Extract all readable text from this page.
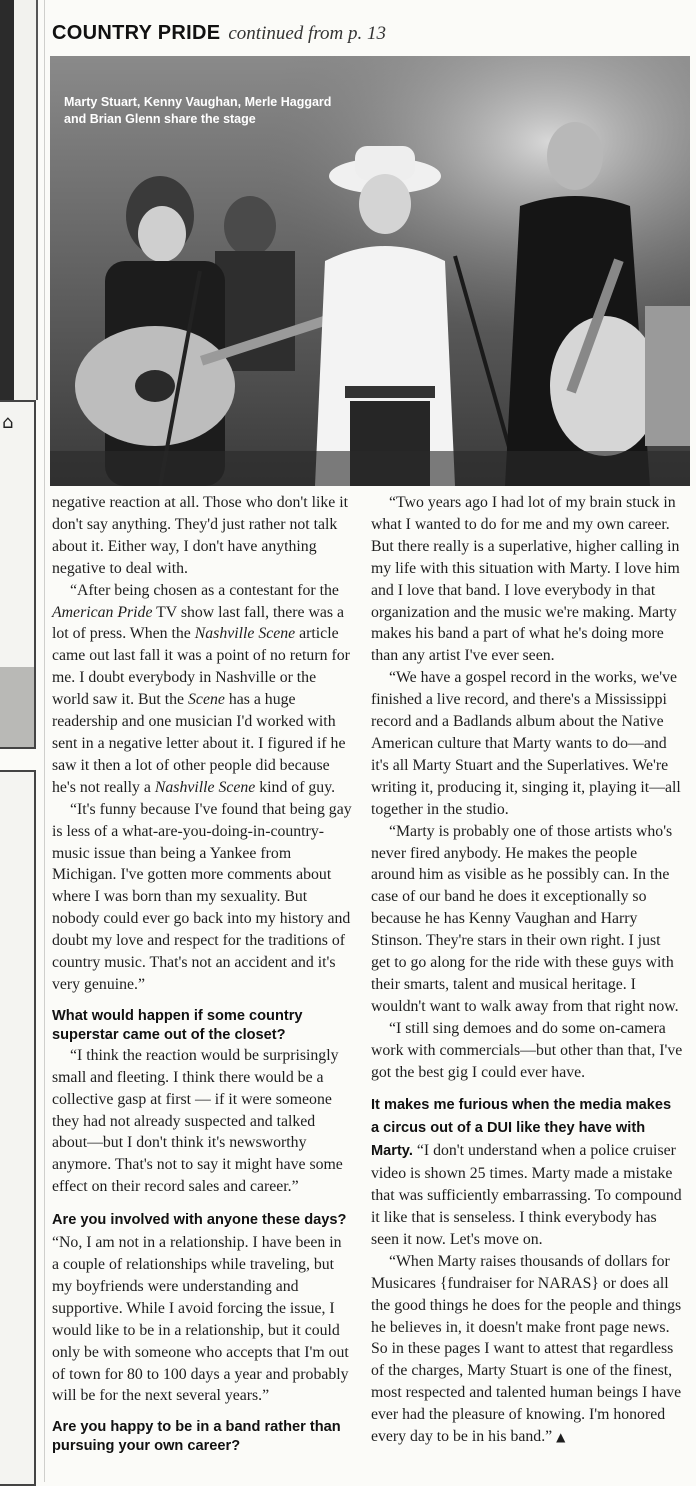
⌂
COUNTRY PRIDE continued from p. 13
Marty Stuart, Kenny Vaughan, Merle Haggard
and Brian Glenn share the stage

negative reaction at all. Those who don't like it don't say anything. They'd just rather not talk about it. Either way, I don't have anything negative to deal with.

“After being chosen as a contestant for the American Pride TV show last fall, there was a lot of press. When the Nashville Scene article came out last fall it was a point of no return for me. I doubt everybody in Nashville or the world saw it. But the Scene has a huge readership and one musician I'd worked with sent in a negative letter about it. I figured if he saw it then a lot of other people did because he's not really a Nashville Scene kind of guy.

“It's funny because I've found that being gay is less of a what-are-you-doing-in-country-music issue than being a Yankee from Michigan. I've gotten more comments about where I was born than my sexuality. But nobody could ever go back into my history and doubt my love and respect for the traditions of country music. That's not an accident and it's very genuine.”

What would happen if some country superstar came out of the closet?

“I think the reaction would be surprisingly small and fleeting. I think there would be a collective gasp at first — if it were someone they had not already suspected and talked about—but I don't think it's newsworthy anymore. That's not to say it might have some effect on their record sales and career.”

Are you involved with anyone these days? “No, I am not in a relationship. I have been in a couple of relationships while traveling, but my boyfriends were understanding and supportive. While I avoid forcing the issue, I would like to be in a relationship, but it could only be with someone who accepts that I'm out of town for 80 to 100 days a year and probably will be for the next several years.”

Are you happy to be in a band rather than pursuing your own career?

“Two years ago I had lot of my brain stuck in what I wanted to do for me and my own career. But there really is a superlative, higher calling in my life with this situation with Marty. I love him and I love that band. I love everybody in that organization and the music we're making. Marty makes his band a part of what he's doing more than any artist I've ever seen.

“We have a gospel record in the works, we've finished a live record, and there's a Mississippi record and a Badlands album about the Native American culture that Marty wants to do—and it's all Marty Stuart and the Superlatives. We're writing it, producing it, singing it, playing it—all together in the studio.

“Marty is probably one of those artists who's never fired anybody. He makes the people around him as visible as he possibly can. In the case of our band he does it exceptionally so because he has Kenny Vaughan and Harry Stinson. They're stars in their own right. I just get to go along for the ride with these guys with their smarts, talent and musical heritage. I wouldn't want to walk away from that right now.

“I still sing demoes and do some on-camera work with commercials—but other than that, I've got the best gig I could ever have.

It makes me furious when the media makes a circus out of a DUI like they have with Marty. “I don't understand when a police cruiser video is shown 25 times. Marty made a mistake that was sufficiently embarrassing. To compound it like that is senseless. I think everybody has seen it now. Let's move on.

“When Marty raises thousands of dollars for Musicares {fundraiser for NARAS} or does all the good things he does for the people and things he believes in, it doesn't make front page news. So in these pages I want to attest that regardless of the charges, Marty Stuart is one of the finest, most respected and talented human beings I have ever had the pleasure of knowing. I'm honored every day to be in his band.” ▲
